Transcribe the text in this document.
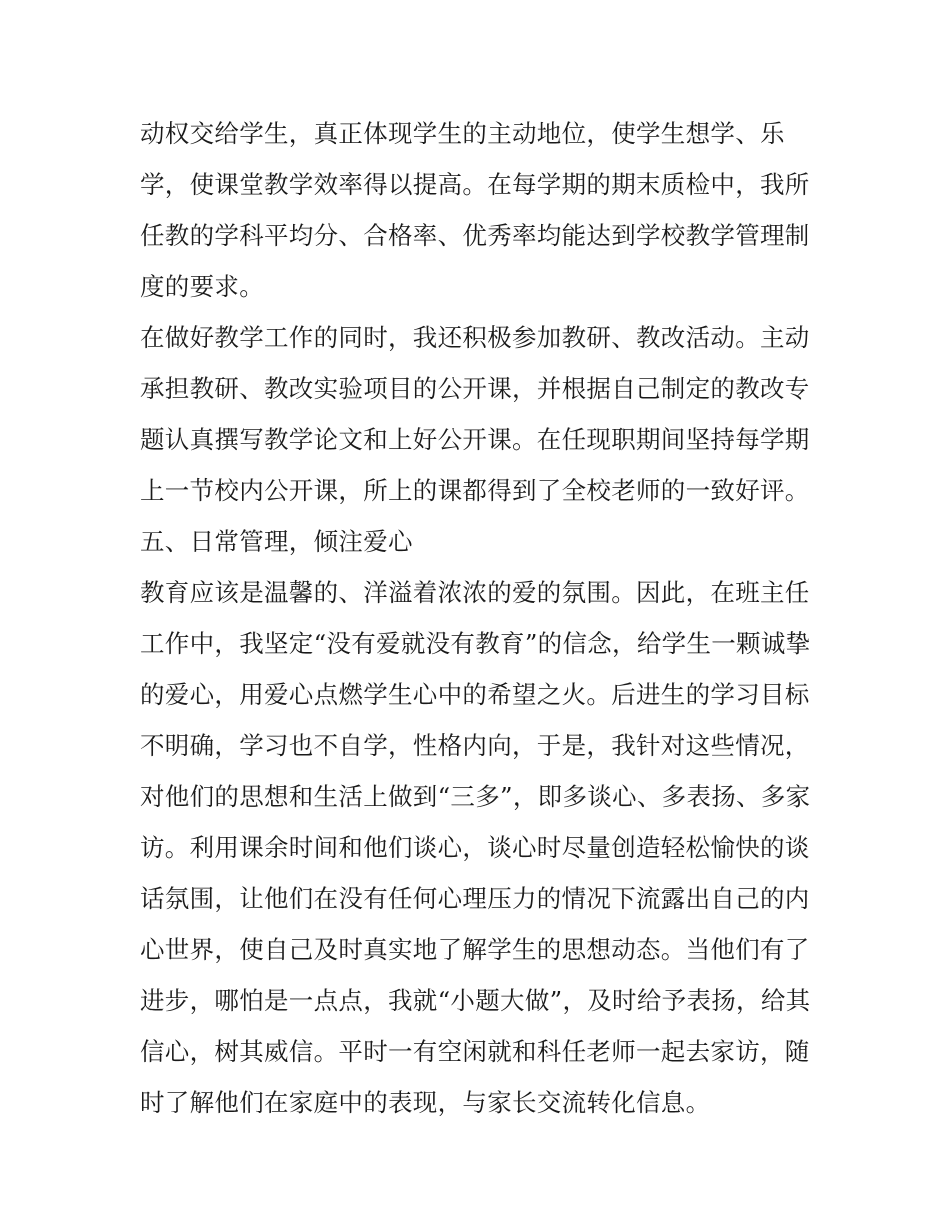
动权交给学生，真正体现学生的主动地位，使学生想学、乐
学，使课堂教学效率得以提高。在每学期的期末质检中，我所
任教的学科平均分、合格率、优秀率均能达到学校教学管理制
度的要求。
在做好教学工作的同时，我还积极参加教研、教改活动。主动
承担教研、教改实验项目的公开课，并根据自己制定的教改专
题认真撰写教学论文和上好公开课。在任现职期间坚持每学期
上一节校内公开课，所上的课都得到了全校老师的一致好评。
五、日常管理，倾注爱心
教育应该是温馨的、洋溢着浓浓的爱的氛围。因此，在班主任
工作中，我坚定“没有爱就没有教育”的信念，给学生一颗诚挚
的爱心，用爱心点燃学生心中的希望之火。后进生的学习目标
不明确，学习也不自学，性格内向，于是，我针对这些情况，
对他们的思想和生活上做到“三多”，即多谈心、多表扬、多家
访。利用课余时间和他们谈心，谈心时尽量创造轻松愉快的谈
话氛围，让他们在没有任何心理压力的情况下流露出自己的内
心世界，使自己及时真实地了解学生的思想动态。当他们有了
进步，哪怕是一点点，我就“小题大做”，及时给予表扬，给其
信心，树其威信。平时一有空闲就和科任老师一起去家访，随
时了解他们在家庭中的表现，与家长交流转化信息。
